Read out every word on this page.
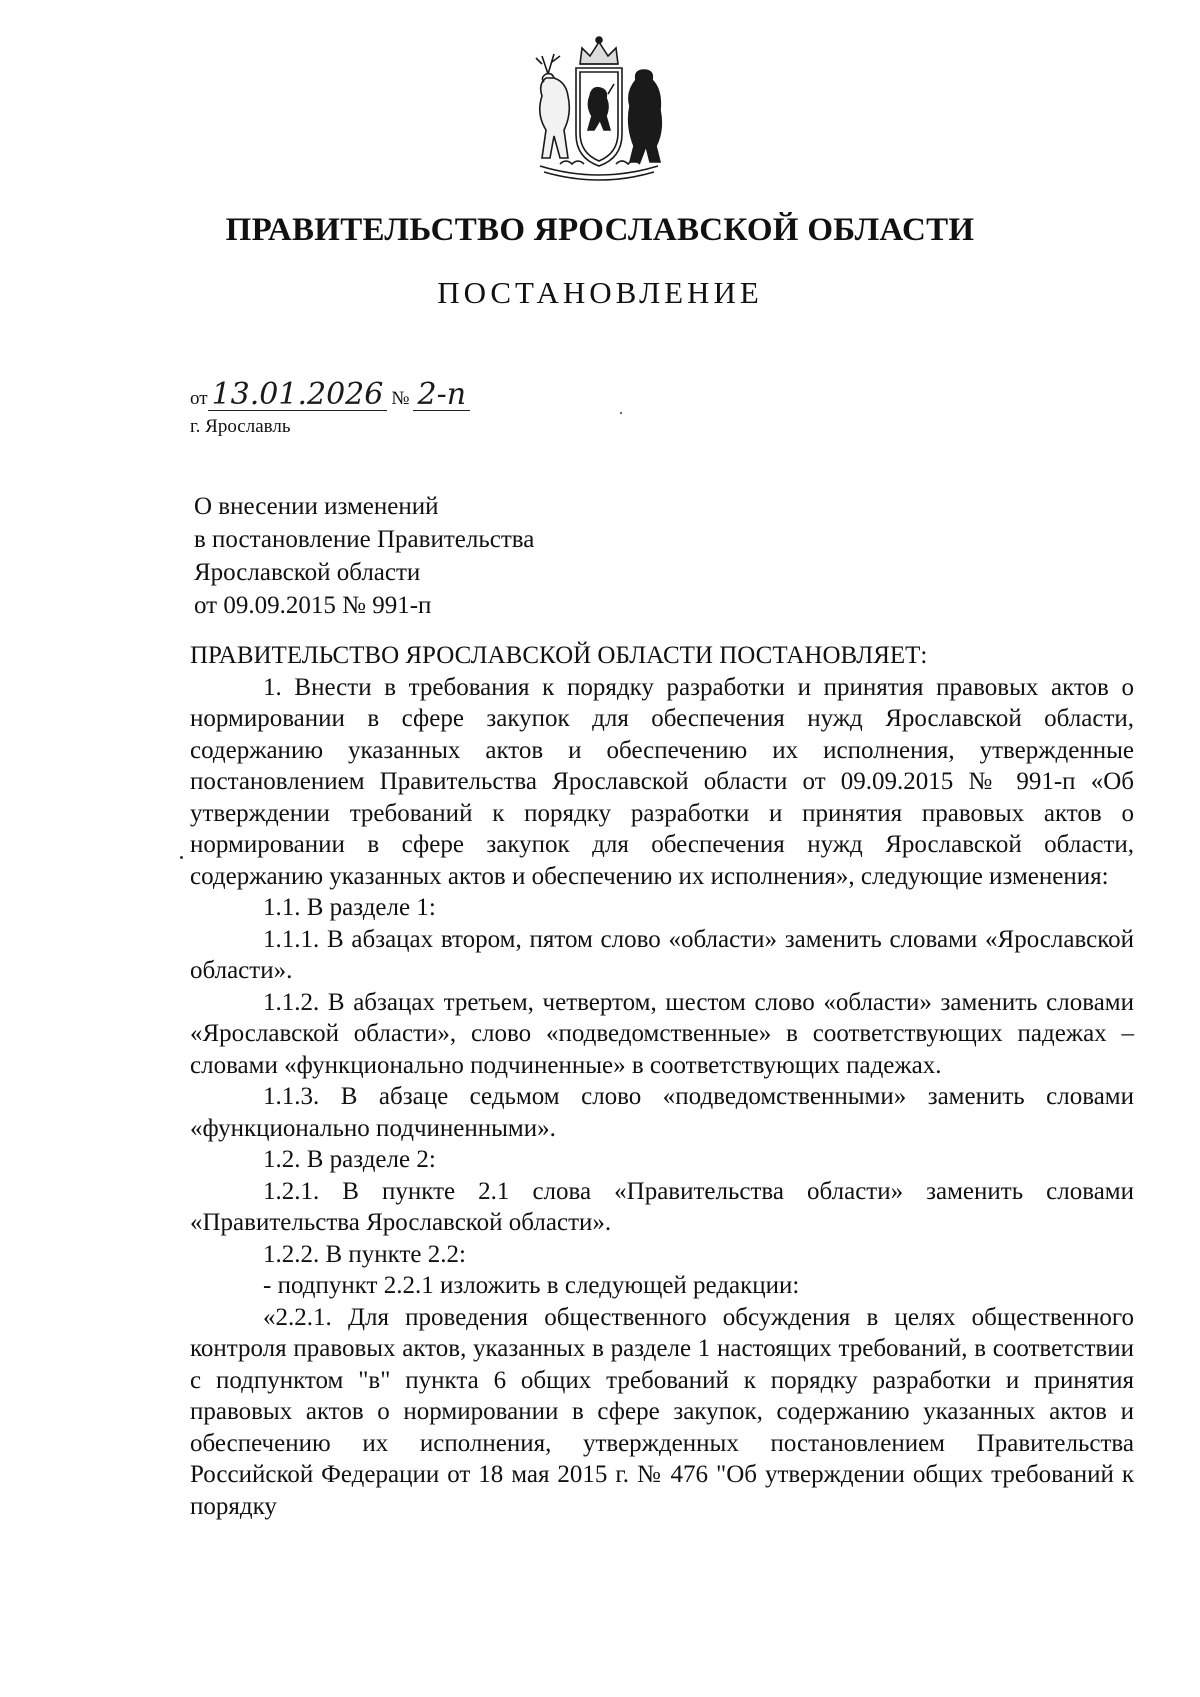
ПРАВИТЕЛЬСТВО ЯРОСЛАВСКОЙ ОБЛАСТИ
ПОСТАНОВЛЕНИЕ
от 13.01.2026 № 2-п
г. Ярославль
О внесении изменений
в постановление Правительства
Ярославской области
от 09.09.2015 № 991-п

ПРАВИТЕЛЬСТВО ЯРОСЛАВСКОЙ ОБЛАСТИ ПОСТАНОВЛЯЕТ:

1. Внести в требования к порядку разработки и принятия правовых актов о нормировании в сфере закупок для обеспечения нужд Ярославской области, содержанию указанных актов и обеспечению их исполнения, утвержденные постановлением Правительства Ярославской области от 09.09.2015 № 991-п «Об утверждении требований к порядку разработки и принятия правовых актов о нормировании в сфере закупок для обеспечения нужд Ярославской области, содержанию указанных актов и обеспечению их исполнения», следующие изменения:

1.1. В разделе 1:

1.1.1. В абзацах втором, пятом слово «области» заменить словами «Ярославской области».

1.1.2. В абзацах третьем, четвертом, шестом слово «области» заменить словами «Ярославской области», слово «подведомственные» в соответствующих падежах – словами «функционально подчиненные» в соответствующих падежах.

1.1.3. В абзаце седьмом слово «подведомственными» заменить словами «функционально подчиненными».

1.2. В разделе 2:

1.2.1. В пункте 2.1 слова «Правительства области» заменить словами «Правительства Ярославской области».

1.2.2. В пункте 2.2:

- подпункт 2.2.1 изложить в следующей редакции:

«2.2.1. Для проведения общественного обсуждения в целях общественного контроля правовых актов, указанных в разделе 1 настоящих требований, в соответствии с подпунктом "в" пункта 6 общих требований к порядку разработки и принятия правовых актов о нормировании в сфере закупок, содержанию указанных актов и обеспечению их исполнения, утвержденных постановлением Правительства Российской Федерации от 18 мая 2015 г. № 476 "Об утверждении общих требований к порядку
